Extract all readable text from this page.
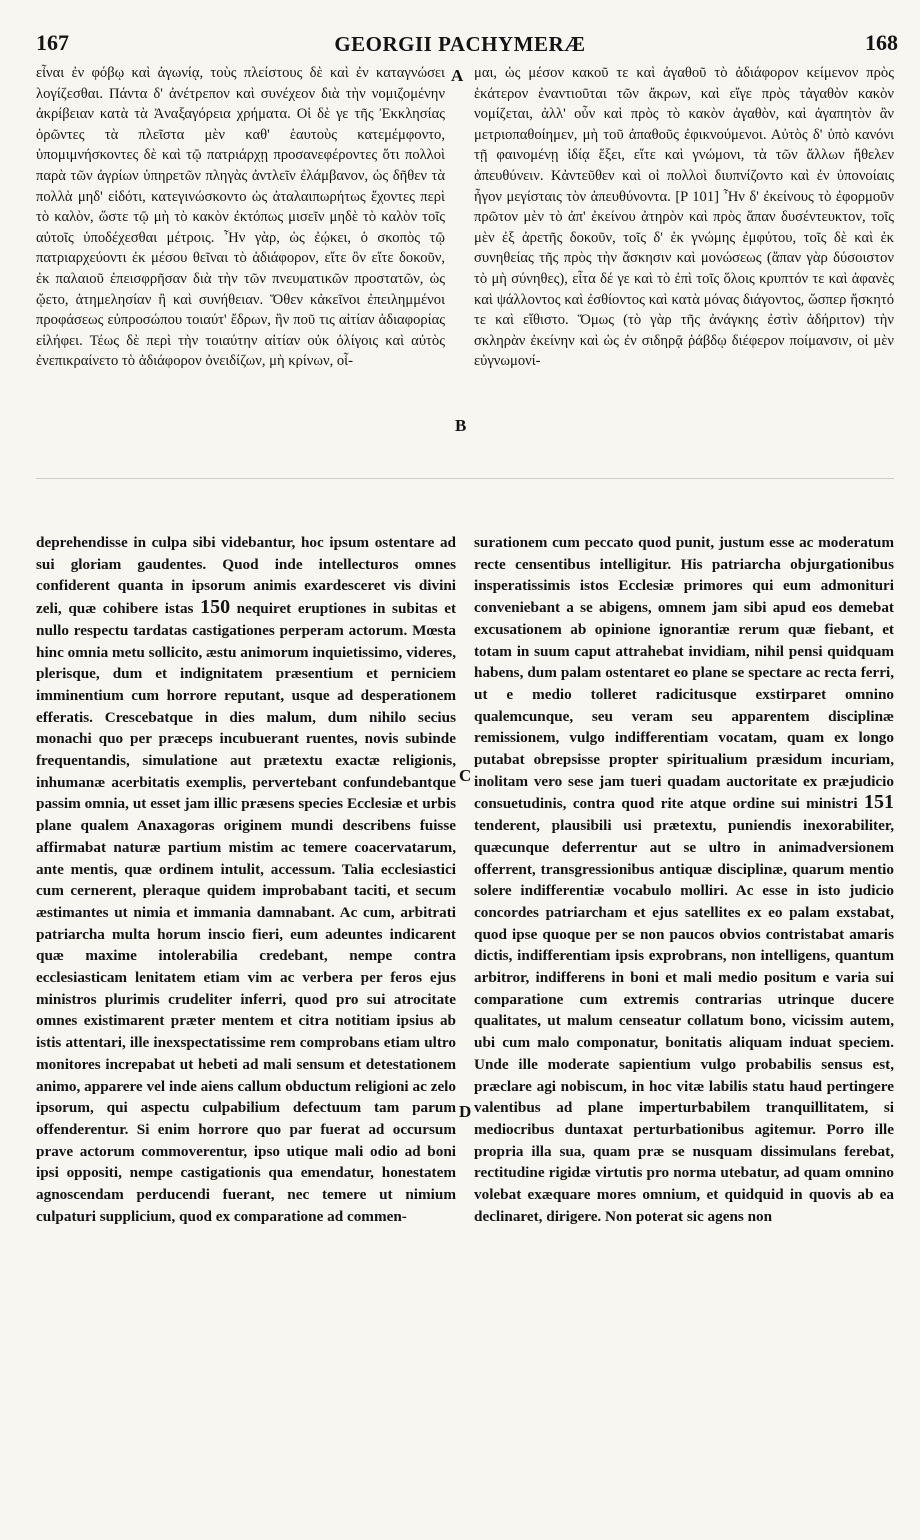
167	GEORGII PACHYMERÆ	168

εἶναι ἐν φόβῳ καὶ ἀγωνίᾳ, τοὺς πλείστους δὲ καὶ ἐν καταγνώσει λογίζεσθαι. Πάντα δ' ἀνέτρεπον καὶ συνέχεον διὰ τὴν νομιζομένην ἀκρίβειαν κατὰ τὰ Ἀναξαγόρεια χρήματα. Οἱ δὲ γε τῆς Ἐκκλησίας ὁρῶντες τὰ πλεῖστα μὲν καθ' ἑαυτοὺς κατεμέμφοντο, ὑπομιμνήσκοντες δὲ καὶ τῷ πατριάρχῃ προσανεφέροντες ὅτι πολλοὶ παρὰ τῶν ἀγρίων ὑπηρετῶν πληγὰς ἀντλεῖν ἐλάμβανον, ὡς δῆθεν τὰ πολλὰ μηδ' εἰδότι, κατεγινώσκοντο ὡς ἀταλαιπωρήτως ἔχοντες περὶ τὸ καλὸν, ὥστε τῷ μὴ τὸ κακὸν ἐκτόπως μισεῖν μηδὲ τὸ καλὸν τοῖς αὐτοῖς ὑποδέχεσθαι μέτροις. Ἦν γὰρ, ὡς ἐῴκει, ὁ σκοπὸς τῷ πατριαρχεύοντι ἐκ μέσου θεῖναι τὸ ἀδιάφορον, εἴτε ὂν εἴτε δοκοῦν, ἐκ παλαιοῦ ἐπεισφρῆσαν διὰ τὴν τῶν πνευματικῶν προστατῶν, ὡς ᾤετο, ἀτημελησίαν ἢ καὶ συνήθειαν. Ὅθεν κἀκεῖνοι ἐπειλημμένοι προφάσεως εὐπροσώπου τοιαύτ' ἔδρων, ἣν ποῦ τις αἰτίαν ἀδιαφορίας εἰλήφει. Τέως δὲ περὶ τὴν τοιαύτην αἰτίαν οὐκ ὀλίγοις καὶ αὐτὸς ἐνεπικραίνετο τὸ ἀδιάφορον ὀνειδίζων, μὴ κρίνων, οἷ-

μαι, ὡς μέσον κακοῦ τε καὶ ἀγαθοῦ τὸ ἀδιάφορον κείμενον πρὸς ἑκάτερον ἐναντιοῦται τῶν ἄκρων, καὶ εἴγε πρὸς τἀγαθὸν κακὸν νομίζεται, ἀλλ' οὖν καὶ πρὸς τὸ κακὸν ἀγαθὸν, καὶ ἀγαπητὸν ἂν μετριοπαθοίημεν, μὴ τοῦ ἀπαθοῦς ἐφικνούμενοι. Αὐτὸς δ' ὑπὸ κανόνι τῇ φαινομένῃ ἰδίᾳ ἕξει, εἴτε καὶ γνώμονι, τὰ τῶν ἄλλων ἤθελεν ἀπευθύνειν. Κἀντεῦθεν καὶ οἱ πολλοὶ διυπνίζοντο καὶ ἐν ὑπονοίαις ἦγον μεγίσταις τὸν ἀπευθύνοντα. [P 101] Ἦν δ' ἐκείνους τὸ ἐφορμοῦν πρῶτον μὲν τὸ ἀπ' ἐκείνου ἀτηρὸν καὶ πρὸς ἅπαν δυσέντευκτον, τοῖς μὲν ἐξ ἀρετῆς δοκοῦν, τοῖς δ' ἐκ γνώμης ἐμφύτου, τοῖς δὲ καὶ ἐκ συνηθείας τῆς πρὸς τὴν ἄσκησιν καὶ μονώσεως (ἅπαν γὰρ δύσοιστον τὸ μὴ σύνηθες), εἶτα δέ γε καὶ τὸ ἐπὶ τοῖς ὅλοις κρυπτόν τε καὶ ἀφανὲς καὶ ψάλλοντος καὶ ἐσθίοντος καὶ κατὰ μόνας διάγοντος, ὥσπερ ἤσκητό τε καὶ εἴθιστο. Ὅμως (τὸ γὰρ τῆς ἀνάγκης ἐστὶν ἀδήριτον) τὴν σκληρὰν ἐκείνην καὶ ὡς ἐν σιδηρᾷ ῥάβδῳ διέφερον ποίμανσιν, οἱ μὲν εὐγνωμονί-

A
B
C
D

deprehendisse in culpa sibi videbantur, hoc ipsum ostentare ad sui gloriam gaudentes. Quod inde intellecturos omnes confiderent quanta in ipsorum animis exardesceret vis divini zeli, quæ cohibere istas 150 nequiret eruptiones in subitas et nullo respectu tardatas castigationes perperam actorum. Mœsta hinc omnia metu sollicito, æstu animorum inquietissimo, videres, plerisque, dum et indignitatem præsentium et perniciem imminentium cum horrore reputant, usque ad desperationem efferatis. Crescebatque in dies malum, dum nihilo secius monachi quo per præceps incubuerant ruentes, novis subinde frequentandis, simulatione aut prætextu exactæ religionis, inhumanæ acerbitatis exemplis, pervertebant confundebantque passim omnia, ut esset jam illic præsens species Ecclesiæ et urbis plane qualem Anaxagoras originem mundi describens fuisse affirmabat naturæ partium mistim ac temere coacervatarum, ante mentis, quæ ordinem intulit, accessum. Talia ecclesiastici cum cernerent, pleraque quidem improbabant taciti, et secum æstimantes ut nimia et immania damnabant. Ac cum, arbitrati patriarcha multa horum inscio fieri, eum adeuntes indicarent quæ maxime intolerabilia credebant, nempe contra ecclesiasticam lenitatem etiam vim ac verbera per feros ejus ministros plurimis crudeliter inferri, quod pro sui atrocitate omnes existimarent præter mentem et citra notitiam ipsius ab istis attentari, ille inexspectatissime rem comprobans etiam ultro monitores increpabat ut hebeti ad mali sensum et detestationem animo, apparere vel inde aiens callum obductum religioni ac zelo ipsorum, qui aspectu culpabilium defectuum tam parum offenderentur. Si enim horrore quo par fuerat ad occursum prave actorum commoverentur, ipso utique mali odio ad boni ipsi oppositi, nempe castigationis qua emendatur, honestatem agnoscendam perducendi fuerant, nec temere ut nimium culpaturi supplicium, quod ex comparatione ad commen-

surationem cum peccato quod punit, justum esse ac moderatum recte censentibus intelligitur. His patriarcha objurgationibus insperatissimis istos Ecclesiæ primores qui eum admonituri conveniebant a se abigens, omnem jam sibi apud eos demebat excusationem ab opinione ignorantiæ rerum quæ fiebant, et totam in suum caput attrahebat invidiam, nihil pensi quidquam habens, dum palam ostentaret eo plane se spectare ac recta ferri, ut e medio tolleret radicitusque exstirparet omnino qualemcunque, seu veram seu apparentem disciplinæ remissionem, vulgo indifferentiam vocatam, quam ex longo putabat obrepsisse propter spiritualium præsidum incuriam, inolitam vero sese jam tueri quadam auctoritate ex præjudicio consuetudinis, contra quod rite atque ordine sui ministri 151 tenderent, plausibili usi prætextu, puniendis inexorabiliter, quæcunque deferrentur aut se ultro in animadversionem offerrent, transgressionibus antiquæ disciplinæ, quarum mentio solere indifferentiæ vocabulo molliri. Ac esse in isto judicio concordes patriarcham et ejus satellites ex eo palam exstabat, quod ipse quoque per se non paucos obvios contristabat amaris dictis, indifferentiam ipsis exprobrans, non intelligens, quantum arbitror, indifferens in boni et mali medio positum e varia sui comparatione cum extremis contrarias utrinque ducere qualitates, ut malum censeatur collatum bono, vicissim autem, ubi cum malo componatur, bonitatis aliquam induat speciem. Unde ille moderate sapientium vulgo probabilis sensus est, præclare agi nobiscum, in hoc vitæ labilis statu haud pertingere valentibus ad plane imperturbabilem tranquillitatem, si mediocribus duntaxat perturbationibus agitemur. Porro ille propria illa sua, quam præ se nusquam dissimulans ferebat, rectitudine rigidæ virtutis pro norma utebatur, ad quam omnino volebat exæquare mores omnium, et quidquid in quovis ab ea declinaret, dirigere. Non poterat sic agens non
